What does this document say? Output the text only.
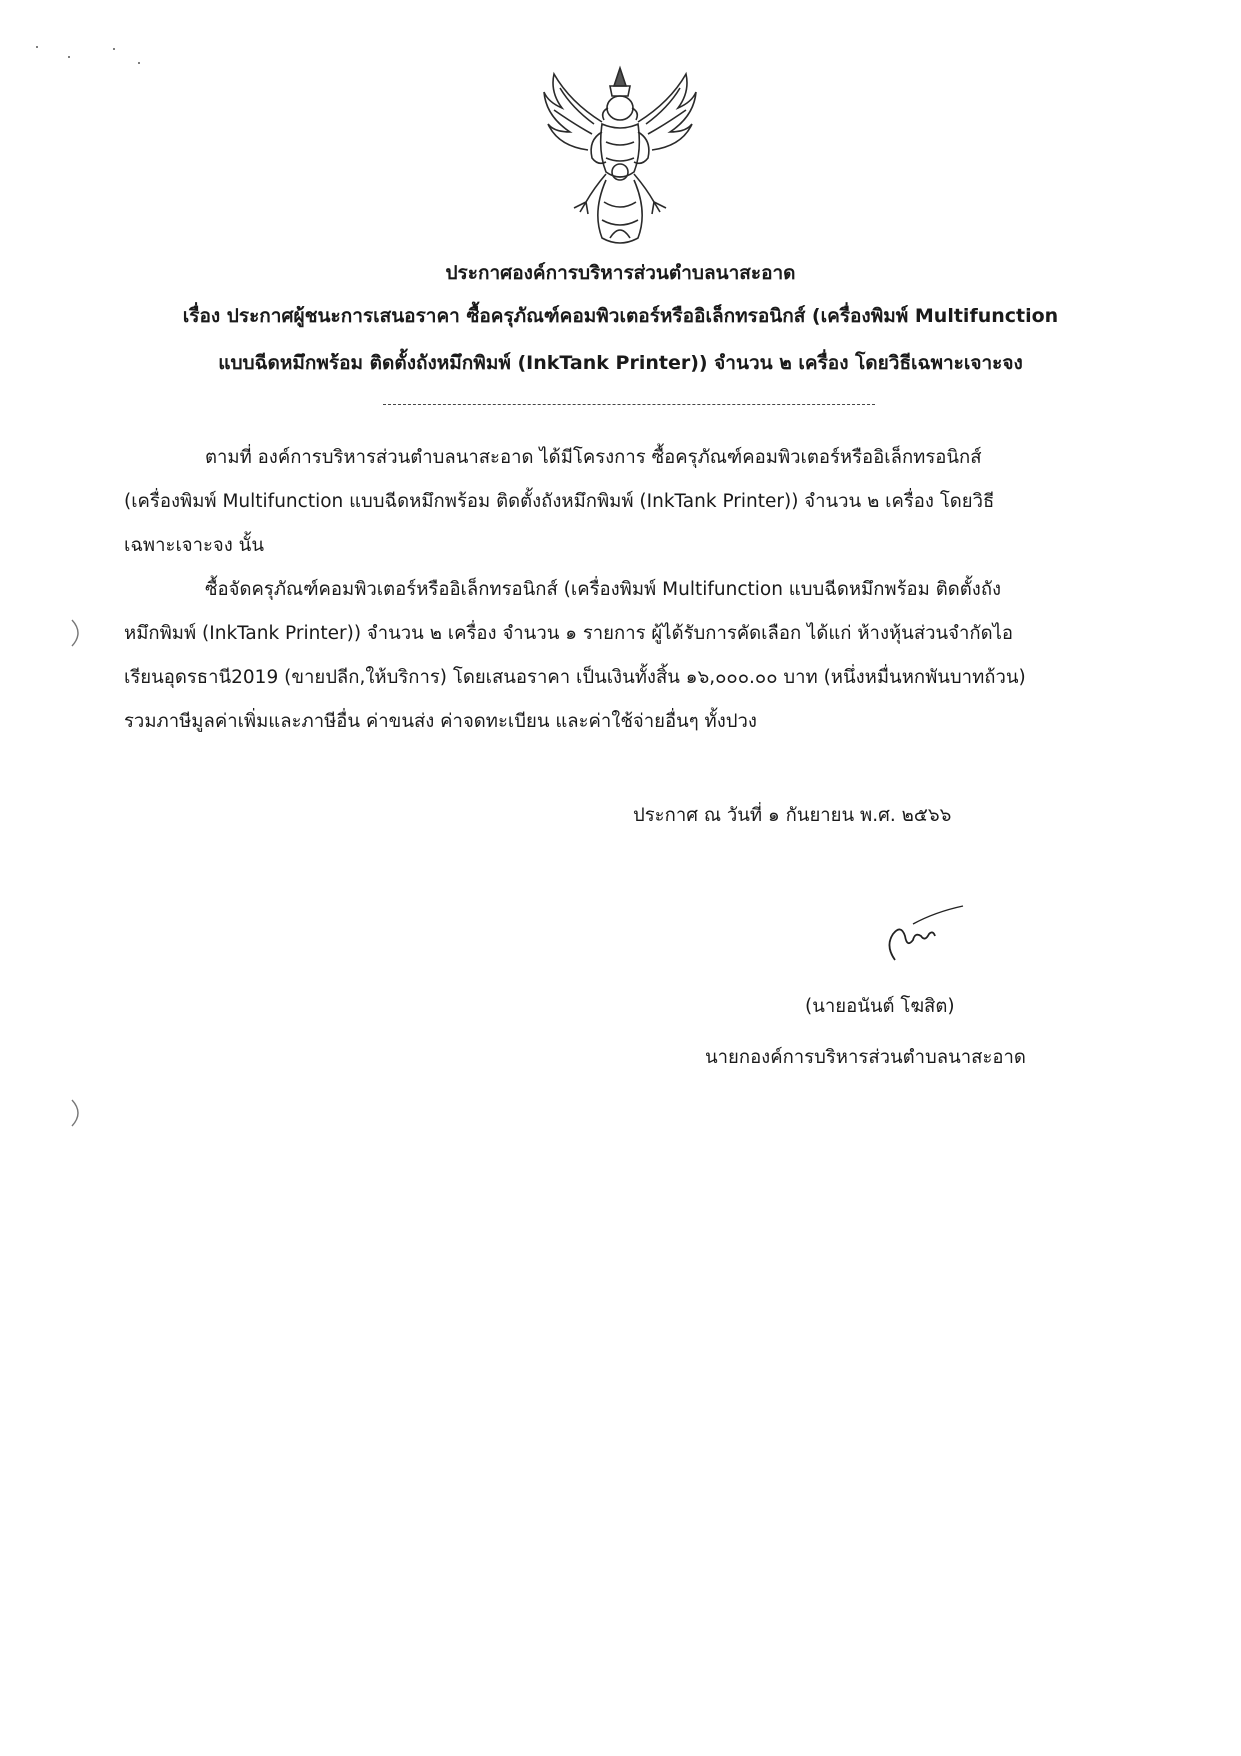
ประกาศองค์การบริหารส่วนตำบลนาสะอาด
เรื่อง ประกาศผู้ชนะการเสนอราคา ซื้อครุภัณฑ์คอมพิวเตอร์หรืออิเล็กทรอนิกส์ (เครื่องพิมพ์ Multifunction
แบบฉีดหมึกพร้อม ติดตั้งถังหมึกพิมพ์ (InkTank Printer)) จำนวน ๒ เครื่อง โดยวิธีเฉพาะเจาะจง
ตามที่ องค์การบริหารส่วนตำบลนาสะอาด ได้มีโครงการ ซื้อครุภัณฑ์คอมพิวเตอร์หรืออิเล็กทรอนิกส์
(เครื่องพิมพ์ Multifunction แบบฉีดหมึกพร้อม ติดตั้งถังหมึกพิมพ์ (InkTank Printer)) จำนวน ๒ เครื่อง โดยวิธี
เฉพาะเจาะจง นั้น
ซื้อจัดครุภัณฑ์คอมพิวเตอร์หรืออิเล็กทรอนิกส์ (เครื่องพิมพ์ Multifunction แบบฉีดหมึกพร้อม ติดตั้งถัง
หมึกพิมพ์ (InkTank Printer)) จำนวน ๒ เครื่อง จำนวน ๑ รายการ ผู้ได้รับการคัดเลือก ได้แก่ ห้างหุ้นส่วนจำกัดไอ
เรียนอุดรธานี2019 (ขายปลีก,ให้บริการ) โดยเสนอราคา เป็นเงินทั้งสิ้น ๑๖,๐๐๐.๐๐ บาท (หนึ่งหมื่นหกพันบาทถ้วน)
รวมภาษีมูลค่าเพิ่มและภาษีอื่น ค่าขนส่ง ค่าจดทะเบียน และค่าใช้จ่ายอื่นๆ ทั้งปวง
ประกาศ ณ วันที่ ๑ กันยายน พ.ศ. ๒๕๖๖
(นายอนันต์ โฆสิต)
นายกองค์การบริหารส่วนตำบลนาสะอาด
